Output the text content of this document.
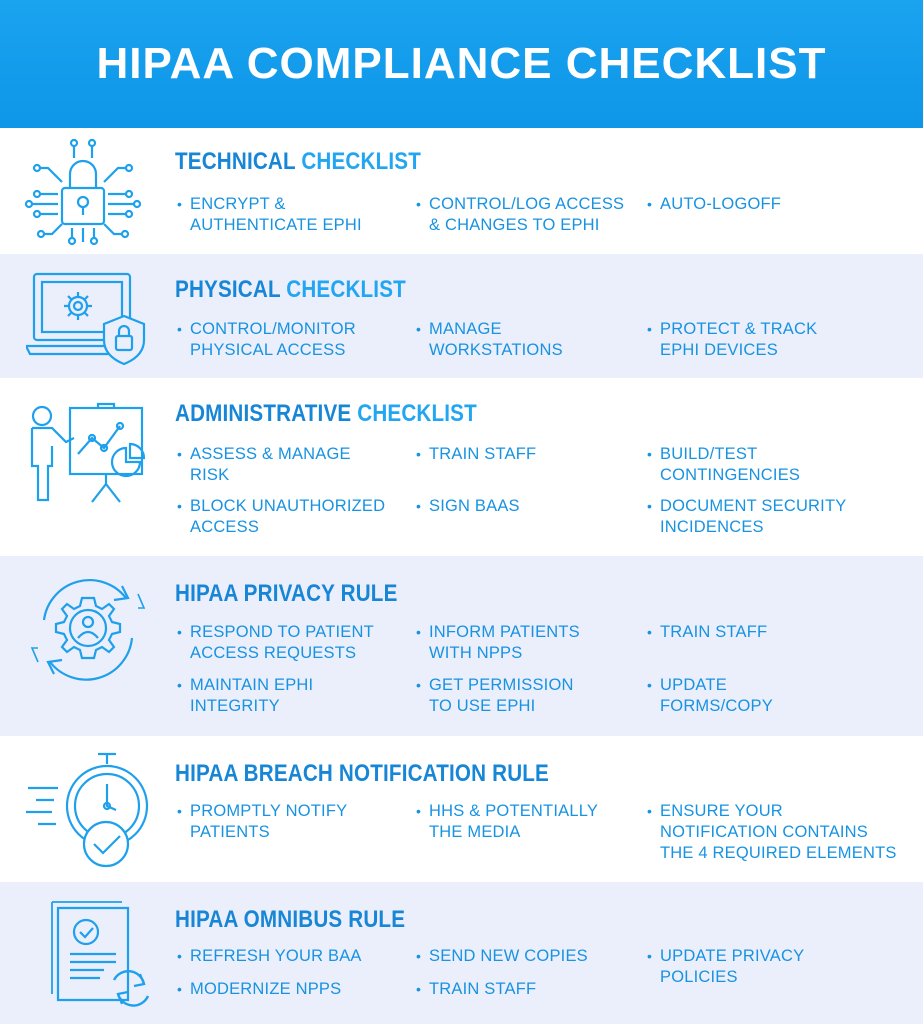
HIPAA COMPLIANCE CHECKLIST
TECHNICAL CHECKLIST
• ENCRYPT &
AUTHENTICATE EPHI
• CONTROL/LOG ACCESS
& CHANGES TO EPHI
• AUTO-LOGOFF
PHYSICAL CHECKLIST
• CONTROL/MONITOR
PHYSICAL ACCESS
• MANAGE
WORKSTATIONS
• PROTECT & TRACK
EPHI DEVICES
ADMINISTRATIVE CHECKLIST
• ASSESS & MANAGE
RISK
• TRAIN STAFF	• BUILD/TEST
CONTINGENCIES
• BLOCK UNAUTHORIZED
ACCESS
• SIGN BAAS	• DOCUMENT SECURITY
INCIDENCES
HIPAA PRIVACY RULE
• RESPOND TO PATIENT
ACCESS REQUESTS
• INFORM PATIENTS
WITH NPPS
• TRAIN STAFF
• MAINTAIN EPHI
INTEGRITY
• GET PERMISSION
TO USE EPHI
• UPDATE
FORMS/COPY
HIPAA BREACH NOTIFICATION RULE
• PROMPTLY NOTIFY
PATIENTS
• HHS & POTENTIALLY
THE MEDIA
• ENSURE YOUR
NOTIFICATION CONTAINS
THE 4 REQUIRED ELEMENTS
HIPAA OMNIBUS RULE
• REFRESH YOUR BAA	• SEND NEW COPIES	• UPDATE PRIVACY
POLICIES
• MODERNIZE NPPS	• TRAIN STAFF
